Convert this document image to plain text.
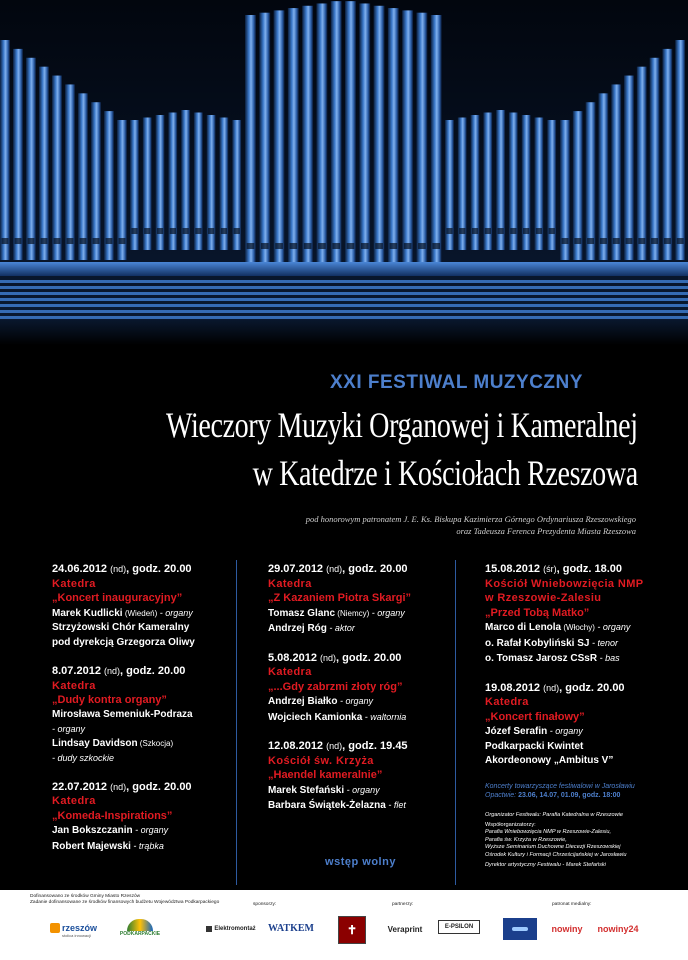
XXI FESTIWAL MUZYCZNY
Wieczory Muzyki Organowej i Kameralnej
w Katedrze i Kościołach Rzeszowa
pod honorowym patronatem J. E. Ks. Biskupa Kazimierza Górnego Ordynariusza Rzeszowskiego
oraz Tadeusza Ferenca Prezydenta Miasta Rzeszowa
24.06.2012 (nd), godz. 20.00
Katedra
„Koncert inauguracyjny”
Marek Kudlicki (Wiedeń) - organy
Strzyżowski Chór Kameralny
pod dyrekcją Grzegorza Oliwy
8.07.2012 (nd), godz. 20.00
Katedra
„Dudy kontra organy”
Mirosława Semeniuk-Podraza
- organy
Lindsay Davidson (Szkocja)
- dudy szkockie
22.07.2012 (nd), godz. 20.00
Katedra
„Komeda-Inspirations”
Jan Bokszczanin - organy
Robert Majewski - trąbka
29.07.2012 (nd), godz. 20.00
Katedra
„Z Kazaniem Piotra Skargi”
Tomasz Glanc (Niemcy) - organy
Andrzej Róg - aktor
5.08.2012 (nd), godz. 20.00
Katedra
„...Gdy zabrzmi złoty róg”
Andrzej Białko - organy
Wojciech Kamionka - waltornia
12.08.2012 (nd), godz. 19.45
Kościół św. Krzyża
„Haendel kameralnie”
Marek Stefański - organy
Barbara Świątek-Żelazna - flet
15.08.2012 (śr), godz. 18.00
Kościół Wniebowzięcia NMP
w Rzeszowie-Zalesiu
„Przed Tobą Matko”
Marco di Lenola (Włochy) - organy
o. Rafał Kobyliński SJ - tenor
o. Tomasz Jarosz CSsR - bas
19.08.2012 (nd), godz. 20.00
Katedra
„Koncert finałowy”
Józef Serafin - organy
Podkarpacki Kwintet
Akordeonowy „Ambitus V”
Koncerty towarzyszące festiwalowi w Jarosławiu
Opactwie: 23.06, 14.07, 01.09, godz. 18:00
Organizator Festiwalu: Parafia Katedralna w Rzeszowie
Współorganizatorzy:
Parafia Wniebowzięcia NMP w Rzeszowie-Zalesiu,
Parafia św. Krzyża w Rzeszowie,
Wyższe Seminarium Duchowne Diecezji Rzeszowskiej
Ośrodek Kultury i Formacji Chrześcijańskiej w Jarosławiu
Dyrektor artystyczny Festiwalu - Marek Stefański
wstęp wolny
Dofinansowano ze środków Gminy Miasto Rzeszów
Zadanie dofinansowane ze środków finansowych budżetu Województwa Podkarpackiego	sponsorzy:	partnerzy:	patronat medialny:
rzeszów
stolica innowacji	PODKARPACKIE
Elektromontaż WATKEM	✝	Veraprint	E-PSILON	nowiny nowiny24
